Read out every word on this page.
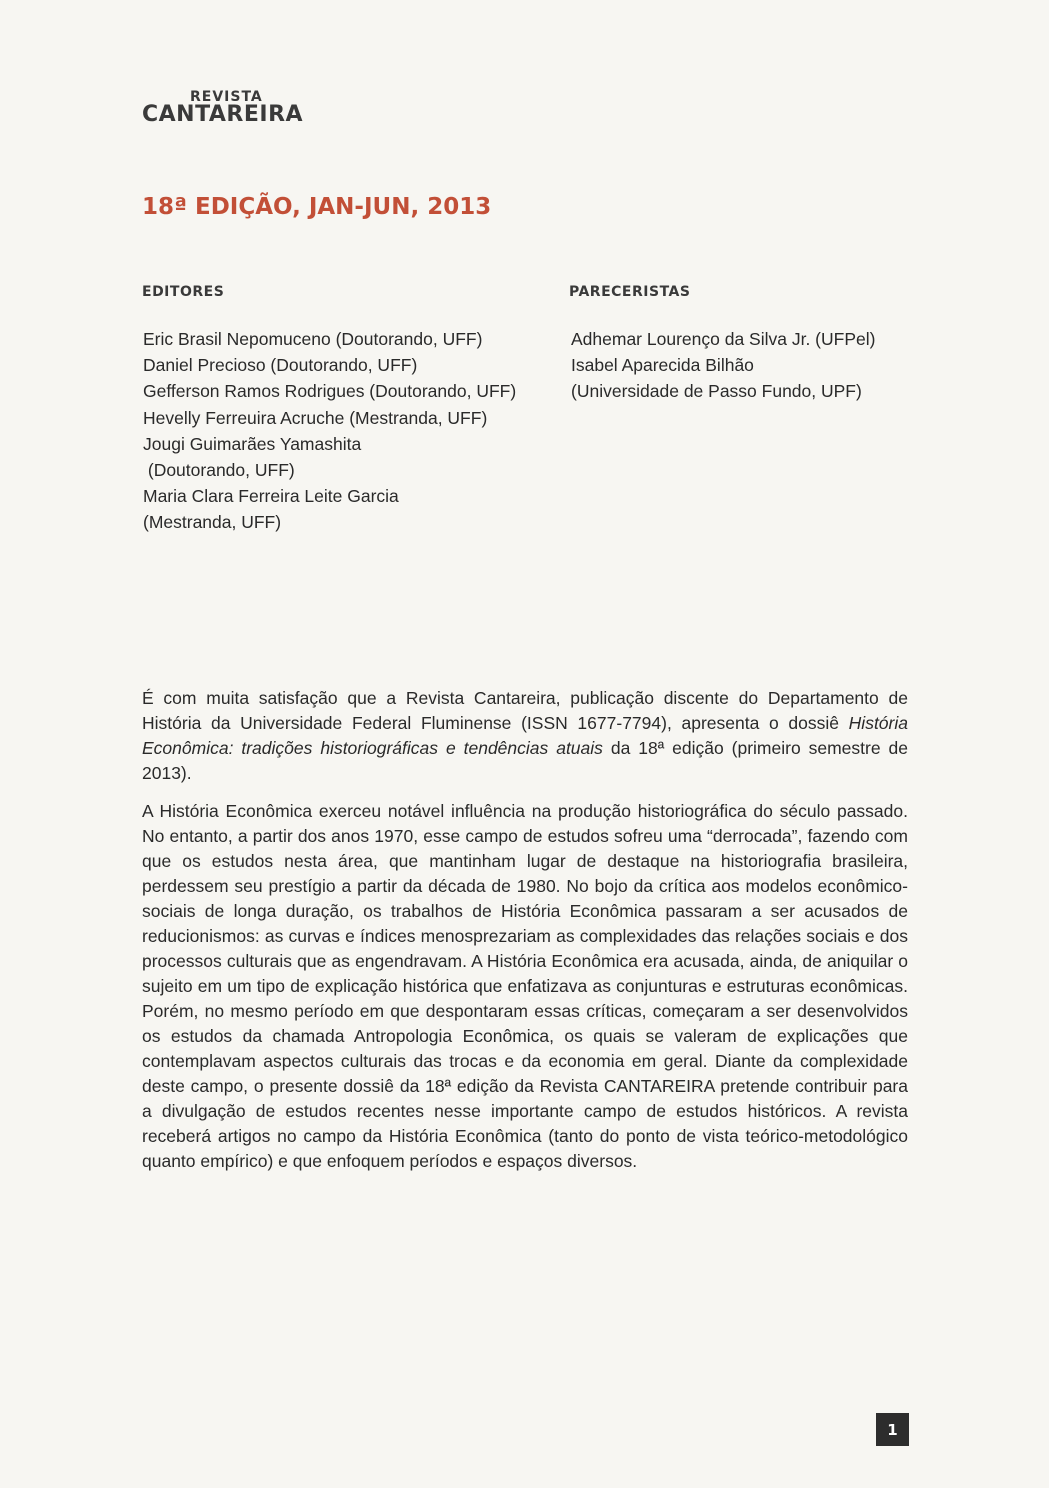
REVISTA
CANTAREIRA
18ª EDIÇÃO, JAN-JUN, 2013
EDITORES
Eric Brasil Nepomuceno (Doutorando, UFF)
Daniel Precioso (Doutorando, UFF)
Gefferson Ramos Rodrigues (Doutorando, UFF)
Hevelly Ferreuira Acruche (Mestranda, UFF)
Jougi Guimarães Yamashita
(Doutorando, UFF)
Maria Clara Ferreira Leite Garcia
(Mestranda, UFF)
PARECERISTAS
Adhemar Lourenço da Silva Jr. (UFPel)
Isabel Aparecida Bilhão
(Universidade de Passo Fundo, UPF)

É com muita satisfação que a Revista Cantareira, publicação discente do Departamento de História da Universidade Federal Fluminense (ISSN 1677-7794), apresenta o dossiê História Econômica: tradições historiográficas e tendências atuais da 18ª edição (primeiro semestre de 2013).

A História Econômica exerceu notável influência na produção historiográfica do século passado. No entanto, a partir dos anos 1970, esse campo de estudos sofreu uma “derrocada”, fazendo com que os estudos nesta área, que mantinham lugar de destaque na historiografia brasileira, perdessem seu prestígio a partir da década de 1980. No bojo da crítica aos modelos econômico-sociais de longa duração, os trabalhos de História Econômica passaram a ser acusados de reducionismos: as curvas e índices menosprezariam as complexidades das relações sociais e dos processos culturais que as engendravam. A História Econômica era acusada, ainda, de aniquilar o sujeito em um tipo de explicação histórica que enfatizava as conjunturas e estruturas econômicas. Porém, no mesmo período em que despontaram essas críticas, começaram a ser desenvolvidos os estudos da chamada Antropologia Econômica, os quais se valeram de explicações que contemplavam aspectos culturais das trocas e da economia em geral. Diante da complexidade deste campo, o presente dossiê da 18ª edição da Revista CANTAREIRA pretende contribuir para a divulgação de estudos recentes nesse importante campo de estudos históricos. A revista receberá artigos no campo da História Econômica (tanto do ponto de vista teórico-metodológico quanto empírico) e que enfoquem períodos e espaços diversos.

1
